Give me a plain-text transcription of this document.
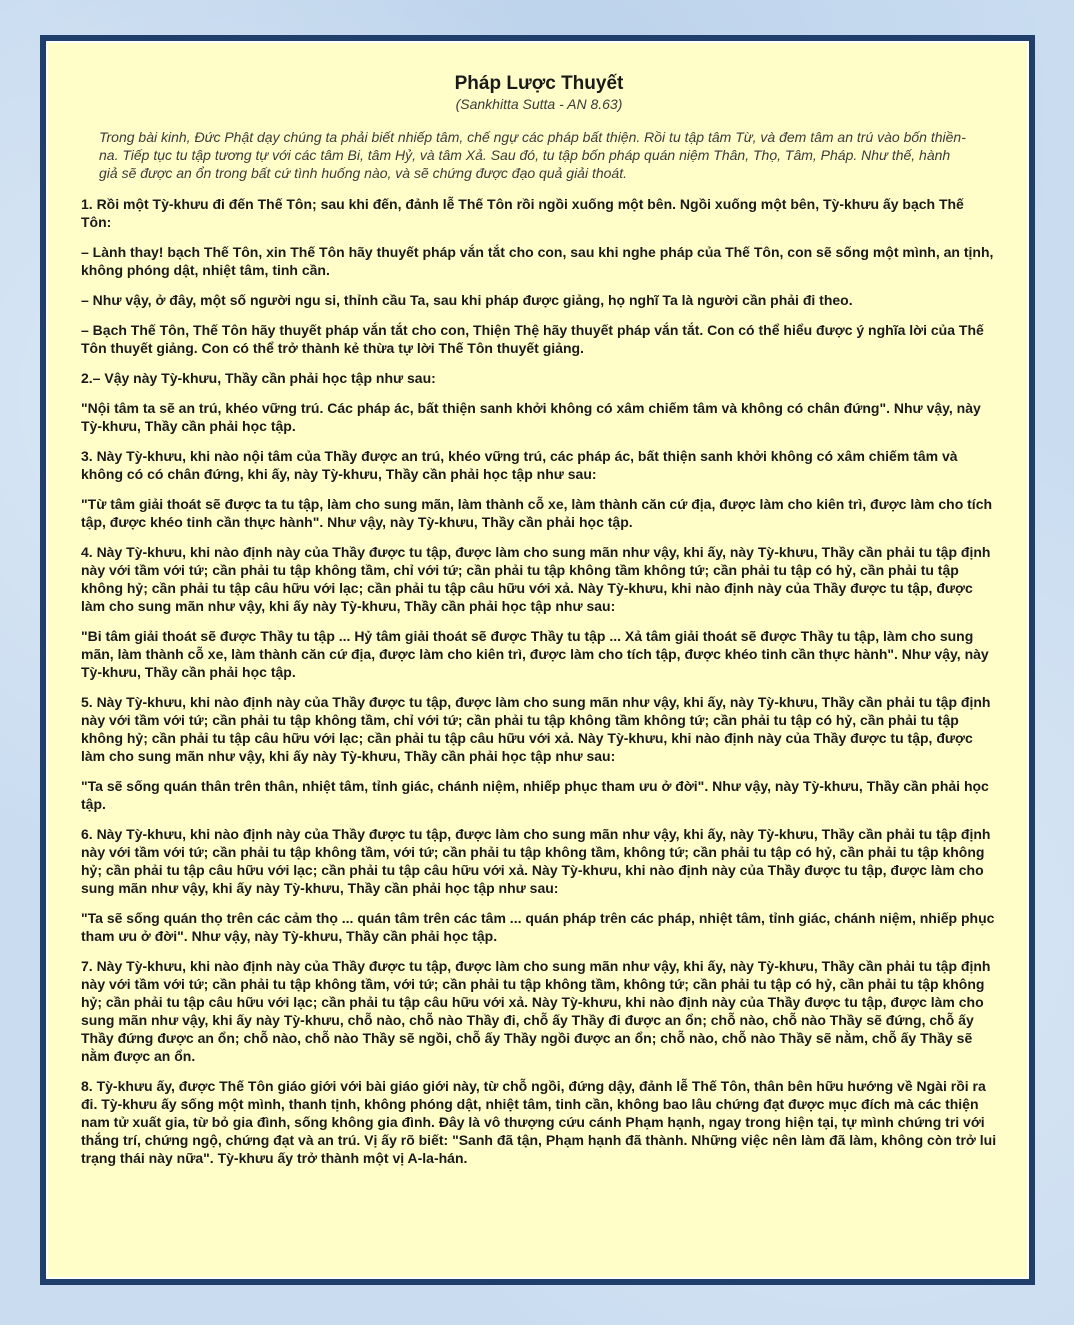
Pháp Lược Thuyết
(Sankhitta Sutta - AN 8.63)
Trong bài kinh, Đức Phật dạy chúng ta phải biết nhiếp tâm, chế ngự các pháp bất thiện. Rồi tu tập tâm Từ, và đem tâm an trú vào bốn thiền-na. Tiếp tục tu tập tương tự với các tâm Bi, tâm Hỷ, và tâm Xả. Sau đó, tu tập bốn pháp quán niệm Thân, Thọ, Tâm, Pháp. Như thế, hành giả sẽ được an ổn trong bất cứ tình huống nào, và sẽ chứng được đạo quả giải thoát.

1. Rồi một Tỳ-khưu đi đến Thế Tôn; sau khi đến, đảnh lễ Thế Tôn rồi ngồi xuống một bên. Ngồi xuống một bên, Tỳ-khưu ấy bạch Thế Tôn:

– Lành thay! bạch Thế Tôn, xin Thế Tôn hãy thuyết pháp vắn tắt cho con, sau khi nghe pháp của Thế Tôn, con sẽ sống một mình, an tịnh, không phóng dật, nhiệt tâm, tinh cần.

– Như vậy, ở đây, một số người ngu si, thỉnh cầu Ta, sau khi pháp được giảng, họ nghĩ Ta là người cần phải đi theo.

– Bạch Thế Tôn, Thế Tôn hãy thuyết pháp vắn tắt cho con, Thiện Thệ hãy thuyết pháp vắn tắt. Con có thể hiểu được ý nghĩa lời của Thế Tôn thuyết giảng. Con có thể trở thành kẻ thừa tự lời Thế Tôn thuyết giảng.

2.– Vậy này Tỳ-khưu, Thầy cần phải học tập như sau:

"Nội tâm ta sẽ an trú, khéo vững trú. Các pháp ác, bất thiện sanh khởi không có xâm chiếm tâm và không có chân đứng". Như vậy, này Tỳ-khưu, Thầy cần phải học tập.

3. Này Tỳ-khưu, khi nào nội tâm của Thầy được an trú, khéo vững trú, các pháp ác, bất thiện sanh khởi không có xâm chiếm tâm và không có có chân đứng, khi ấy, này Tỳ-khưu, Thầy cần phải học tập như sau:

"Từ tâm giải thoát sẽ được ta tu tập, làm cho sung mãn, làm thành cỗ xe, làm thành căn cứ địa, được làm cho kiên trì, được làm cho tích tập, được khéo tinh cần thực hành". Như vậy, này Tỳ-khưu, Thầy cần phải học tập.

4. Này Tỳ-khưu, khi nào định này của Thầy được tu tập, được làm cho sung mãn như vậy, khi ấy, này Tỳ-khưu, Thầy cần phải tu tập định này với tầm với tứ; cần phải tu tập không tầm, chỉ với tứ; cần phải tu tập không tầm không tứ; cần phải tu tập có hỷ, cần phải tu tập không hỷ; cần phải tu tập câu hữu với lạc; cần phải tu tập câu hữu với xả. Này Tỳ-khưu, khi nào định này của Thầy được tu tập, được làm cho sung mãn như vậy, khi ấy này Tỳ-khưu, Thầy cần phải học tập như sau:

"Bi tâm giải thoát sẽ được Thầy tu tập ... Hỷ tâm giải thoát sẽ được Thầy tu tập ... Xả tâm giải thoát sẽ được Thầy tu tập, làm cho sung mãn, làm thành cỗ xe, làm thành căn cứ địa, được làm cho kiên trì, được làm cho tích tập, được khéo tinh cần thực hành". Như vậy, này Tỳ-khưu, Thầy cần phải học tập.

5. Này Tỳ-khưu, khi nào định này của Thầy được tu tập, được làm cho sung mãn như vậy, khi ấy, này Tỳ-khưu, Thầy cần phải tu tập định này với tầm với tứ; cần phải tu tập không tầm, chỉ với tứ; cần phải tu tập không tầm không tứ; cần phải tu tập có hỷ, cần phải tu tập không hỷ; cần phải tu tập câu hữu với lạc; cần phải tu tập câu hữu với xả. Này Tỳ-khưu, khi nào định này của Thầy được tu tập, được làm cho sung mãn như vậy, khi ấy này Tỳ-khưu, Thầy cần phải học tập như sau:

"Ta sẽ sống quán thân trên thân, nhiệt tâm, tỉnh giác, chánh niệm, nhiếp phục tham ưu ở đời". Như vậy, này Tỳ-khưu, Thầy cần phải học tập.

6. Này Tỳ-khưu, khi nào định này của Thầy được tu tập, được làm cho sung mãn như vậy, khi ấy, này Tỳ-khưu, Thầy cần phải tu tập định này với tầm với tứ; cần phải tu tập không tầm, với tứ; cần phải tu tập không tầm, không tứ; cần phải tu tập có hỷ, cần phải tu tập không hỷ; cần phải tu tập câu hữu với lạc; cần phải tu tập câu hữu với xả. Này Tỳ-khưu, khi nào định này của Thầy được tu tập, được làm cho sung mãn như vậy, khi ấy này Tỳ-khưu, Thầy cần phải học tập như sau:

"Ta sẽ sống quán thọ trên các cảm thọ ... quán tâm trên các tâm ... quán pháp trên các pháp, nhiệt tâm, tỉnh giác, chánh niệm, nhiếp phục tham ưu ở đời". Như vậy, này Tỳ-khưu, Thầy cần phải học tập.

7. Này Tỳ-khưu, khi nào định này của Thầy được tu tập, được làm cho sung mãn như vậy, khi ấy, này Tỳ-khưu, Thầy cần phải tu tập định này với tầm với tứ; cần phải tu tập không tầm, với tứ; cần phải tu tập không tầm, không tứ; cần phải tu tập có hỷ, cần phải tu tập không hỷ; cần phải tu tập câu hữu với lạc; cần phải tu tập câu hữu với xả. Này Tỳ-khưu, khi nào định này của Thầy được tu tập, được làm cho sung mãn như vậy, khi ấy này Tỳ-khưu, chỗ nào, chỗ nào Thầy đi, chỗ ấy Thầy đi được an ổn; chỗ nào, chỗ nào Thầy sẽ đứng, chỗ ấy Thầy đứng được an ổn; chỗ nào, chỗ nào Thầy sẽ ngồi, chỗ ấy Thầy ngồi được an ổn; chỗ nào, chỗ nào Thầy sẽ nằm, chỗ ấy Thầy sẽ nằm được an ổn.

8. Tỳ-khưu ấy, được Thế Tôn giáo giới với bài giáo giới này, từ chỗ ngồi, đứng dậy, đảnh lễ Thế Tôn, thân bên hữu hướng về Ngài rồi ra đi. Tỳ-khưu ấy sống một mình, thanh tịnh, không phóng dật, nhiệt tâm, tinh cần, không bao lâu chứng đạt được mục đích mà các thiện nam tử xuất gia, từ bỏ gia đình, sống không gia đình. Đây là vô thượng cứu cánh Phạm hạnh, ngay trong hiện tại, tự mình chứng tri với thắng trí, chứng ngộ, chứng đạt và an trú. Vị ấy rõ biết: "Sanh đã tận, Phạm hạnh đã thành. Những việc nên làm đã làm, không còn trở lui trạng thái này nữa". Tỳ-khưu ấy trở thành một vị A-la-hán.
